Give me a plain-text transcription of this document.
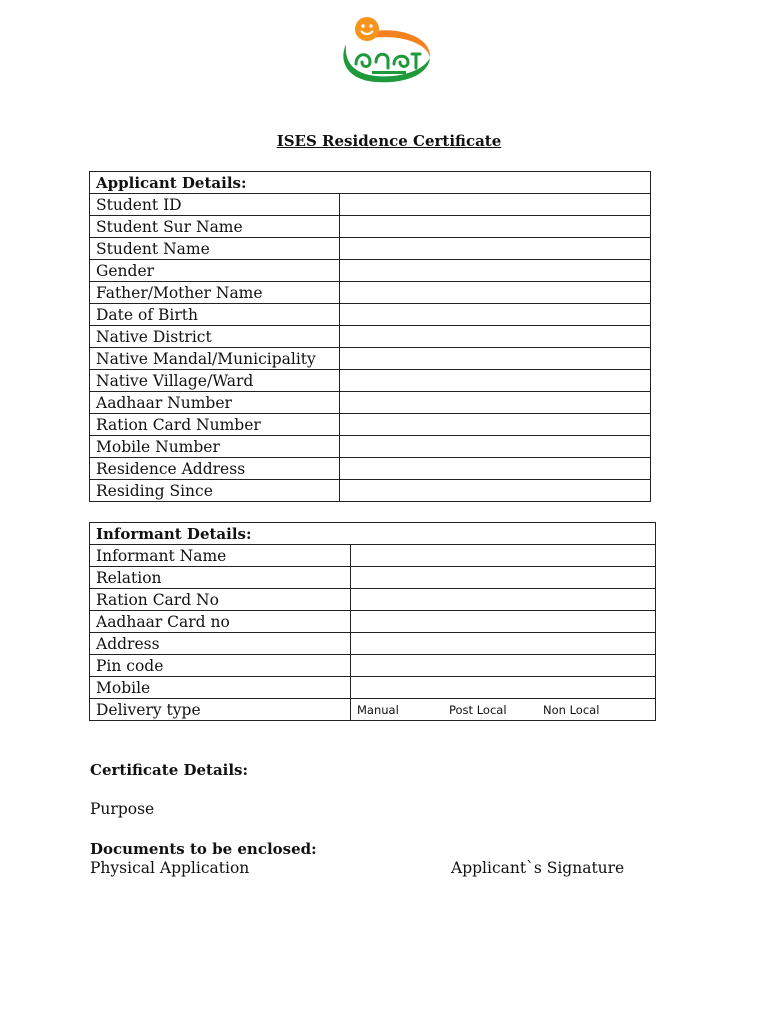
ISES Residence Certificate
Applicant Details:	
Student ID	
Student Sur Name	
Student Name	
Gender	
Father/Mother Name	
Date of Birth	
Native District	
Native Mandal/Municipality	
Native Village/Ward	
Aadhaar Number	
Ration Card Number	
Mobile Number	
Residence Address	
Residing Since	
Informant Details:	
Informant Name	
Relation	
Ration Card No	
Aadhaar Card no	
Address	
Pin code	
Mobile	
Delivery type	Manual Post Local Non Local
Certificate Details:
Purpose
Documents to be enclosed:
Physical Application	Applicant`s Signature
